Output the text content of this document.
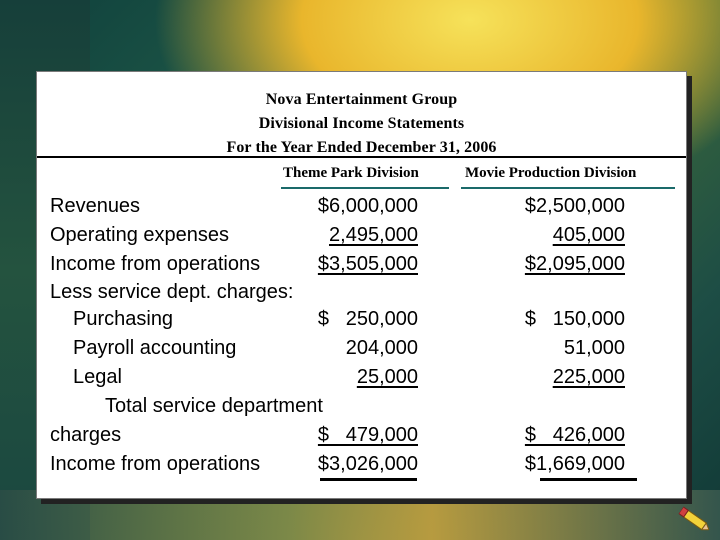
Nova Entertainment Group
Divisional Income Statements
For the Year Ended December 31, 2006
Theme Park Division	Movie Production Division
Revenues	$6,000,000	$2,500,000
Operating expenses	2,495,000	405,000
Income from operations	$3,505,000	$2,095,000
Less service dept. charges:
Purchasing	$   250,000	$   150,000
Payroll accounting	204,000	51,000
Legal	25,000	225,000
Total service department
charges	$   479,000	$   426,000
Income from operations	$3,026,000	$1,669,000
